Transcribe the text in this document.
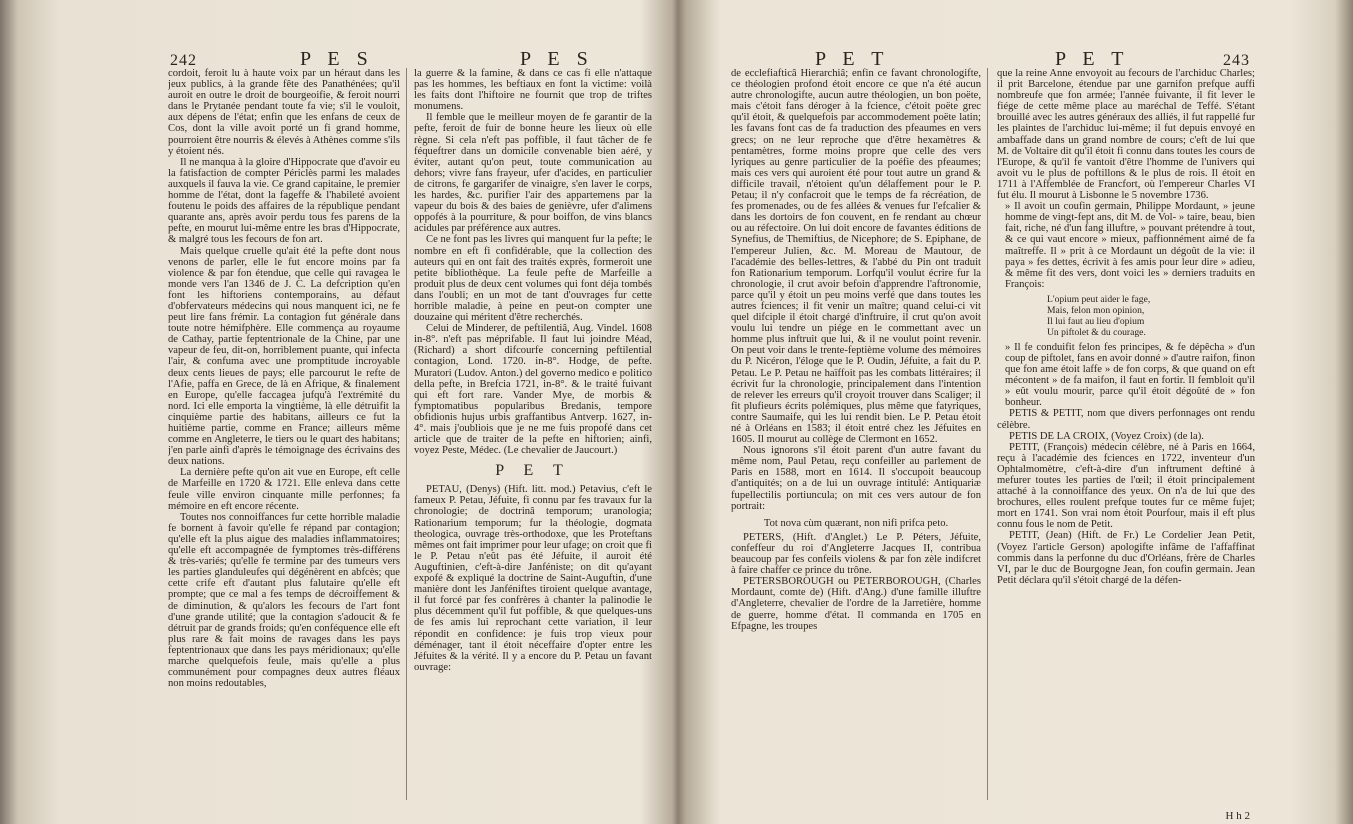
242	P E S	P E S

cordoit, feroit lu à haute voix par un héraut dans les jeux publics, à la grande fête des Panathénées; qu'il auroit en outre le droit de bourgeoifie, & feroit nourri dans le Prytanée pendant toute fa vie; s'il le vouloit, aux dépens de l'état; enfin que les enfans de ceux de Cos, dont la ville avoit porté un fi grand homme, pourroient être nourris & élevés à Athènes comme s'ils y étoient nés.

Il ne manqua à la gloire d'Hippocrate que d'avoir eu la fatisfaction de compter Périclès parmi les malades auxquels il fauva la vie. Ce grand capitaine, le premier homme de l'état, dont la fageffe & l'habileté avoient foutenu le poids des affaires de la république pendant quarante ans, après avoir perdu tous fes parens de la pefte, en mourut lui-même entre les bras d'Hippocrate, & malgré tous les fecours de fon art.

Mais quelque cruelle qu'ait été la pefte dont nous venons de parler, elle le fut encore moins par fa violence & par fon étendue, que celle qui ravagea le monde vers l'an 1346 de J. C. La defcription qu'en font les hiftoriens contemporains, au défaut d'obfervateurs médecins qui nous manquent ici, ne fe peut lire fans frémir. La contagion fut générale dans toute notre hémifphère. Elle commença au royaume de Cathay, partie feptentrionale de la Chine, par une vapeur de feu, dit-on, horriblement puante, qui infecta l'air, & confuma avec une promptitude incroyable deux cents lieues de pays; elle parcourut le refte de l'Afie, paffa en Grece, de là en Afrique, & finalement en Europe, qu'elle faccagea jufqu'à l'extrémité du nord. Ici elle emporta la vingtième, là elle détruifit la cinquième partie des habitans, ailleurs ce fut la huitième partie, comme en France; ailleurs même comme en Angleterre, le tiers ou le quart des habitans; j'en parle ainfi d'après le témoignage des écrivains des deux nations.

La dernière pefte qu'on ait vue en Europe, eft celle de Marfeille en 1720 & 1721. Elle enleva dans cette feule ville environ cinquante mille perfonnes; fa mémoire en eft encore récente.

Toutes nos connoiffances fur cette horrible maladie fe bornent à favoir qu'elle fe répand par contagion; qu'elle eft la plus aigue des maladies inflammatoires; qu'elle eft accompagnée de fymptomes très-différens & très-variés; qu'elle fe termine par des tumeurs vers les parties glanduleufes qui dégénèrent en abfcès; que cette crife eft d'autant plus falutaire qu'elle eft prompte; que ce mal a fes temps de décroiffement & de diminution, & qu'alors les fecours de l'art font d'une grande utilité; que la contagion s'adoucit & fe détruit par de grands froids; qu'en conféquence elle eft plus rare & fait moins de ravages dans les pays feptentrionaux que dans les pays méridionaux; qu'elle marche quelquefois feule, mais qu'elle a plus communément pour compagnes deux autres fléaux non moins redoutables,

la guerre & la famine, & dans ce cas fi elle n'attaque pas les hommes, les beftiaux en font la victime: voilà les faits dont l'hiftoire ne fournit que trop de triftes monumens.

Il femble que le meilleur moyen de fe garantir de la pefte, feroit de fuir de bonne heure les lieux où elle règne. Si cela n'eft pas poffible, il faut tâcher de fe féqueftrer dans un domicile convenable bien aéré, y éviter, autant qu'on peut, toute communication au dehors; vivre fans frayeur, ufer d'acides, en particulier de citrons, fe gargarifer de vinaigre, s'en laver le corps, les hardes, &c. purifier l'air des appartemens par la vapeur du bois & des baies de genièvre, ufer d'alimens oppofés à la pourriture, & pour boiffon, de vins blancs acidules par préférence aux autres.

Ce ne font pas les livres qui manquent fur la pefte; le nombre en eft fi confidérable, que la collection des auteurs qui en ont fait des traités exprès, formeroit une petite bibliothèque. La feule pefte de Marfeille a produit plus de deux cent volumes qui font déja tombés dans l'oubli; en un mot de tant d'ouvrages fur cette horrible maladie, à peine en peut-on compter une douzaine qui méritent d'être recherchés.

Celui de Minderer, de peftilentiâ, Aug. Vindel. 1608 in-8°. n'eft pas méprifable. Il faut lui joindre Méad, (Richard) a short difcourfe concerning peftilential contagion, Lond. 1720. in-8°. Hodge, de pefte. Muratori (Ludov. Anton.) del governo medico e politico della pefte, in Brefcia 1721, in-8°. & le traité fuivant qui eft fort rare. Vander Mye, de morbis & fymptomatibus popularibus Bredanis, tempore obfidionis hujus urbis graffantibus Antverp. 1627, in-4°. mais j'oubliois que je ne me fuis propofé dans cet article que de traiter de la pefte en hiftorien; ainfi, voyez Peste, Médec. (Le chevalier de Jaucourt.)

P E T

PETAU, (Denys) (Hift. litt. mod.) Petavius, c'eft le fameux P. Petau, Jéfuite, fi connu par fes travaux fur la chronologie; de doctrinâ temporum; uranologia; Rationarium temporum; fur la théologie, dogmata theologica, ouvrage très-orthodoxe, que les Proteftans mêmes ont fait imprimer pour leur ufage; on croit que fi le P. Petau n'eût pas été Jéfuite, il auroit été Auguftinien, c'eft-à-dire Janféniste; on dit qu'ayant expofé & expliqué la doctrine de Saint-Auguftin, d'une manière dont les Janféniftes tiroient quelque avantage, il fut forcé par fes confrères à chanter la palinodie le plus décemment qu'il fut poffible, & que quelques-uns de fes amis lui reprochant cette variation, il leur répondit en confidence: je fuis trop vieux pour déménager, tant il étoit néceffaire d'opter entre les Jéfuites & la vérité. Il y a encore du P. Petau un favant ouvrage:

P E T	P E T	243

de ecclefiafticâ Hierarchiâ; enfin ce favant chronologifte, ce théologien profond étoit encore ce que n'a été aucun autre chronologifte, aucun autre théologien, un bon poëte, mais c'étoit fans déroger à la fcience, c'étoit poëte grec qu'il étoit, & quelquefois par accommodement poëte latin; les favans font cas de fa traduction des pfeaumes en vers grecs; on ne leur reproche que d'être hexamètres & pentamètres, forme moins propre que celle des vers lyriques au genre particulier de la poéfie des pfeaumes; mais ces vers qui auroient été pour tout autre un grand & difficile travail, n'étoient qu'un délaffement pour le P. Petau; il n'y confacroit que le temps de fa récréation, de fes promenades, ou de fes allées & venues fur l'efcalier & dans les dortoirs de fon couvent, en fe rendant au chœur ou au réfectoire. On lui doit encore de favantes éditions de Synefius, de Themiftius, de Nicephore; de S. Epiphane, de l'empereur Julien, &c. M. Moreau de Mautour, de l'académie des belles-lettres, & l'abbé du Pin ont traduit fon Rationarium temporum. Lorfqu'il voulut écrire fur la chronologie, il crut avoir befoin d'apprendre l'aftronomie, parce qu'il y étoit un peu moins verfé que dans toutes les autres fciences; il fit venir un maître; quand celui-ci vit quel difciple il étoit chargé d'inftruire, il crut qu'on avoit voulu lui tendre un piége en le commettant avec un homme plus inftruit que lui, & il ne voulut point revenir. On peut voir dans le trente-feptième volume des mémoires du P. Nicéron, l'éloge que le P. Oudin, Jéfuite, a fait du P. Petau. Le P. Petau ne haïffoit pas les combats littéraires; il écrivit fur la chronologie, principalement dans l'intention de relever les erreurs qu'il croyoit trouver dans Scaliger; il fit plufieurs écrits polémiques, plus même que fatyriques, contre Saumaife, qui les lui rendit bien. Le P. Petau étoit né à Orléans en 1583; il étoit entré chez les Jéfuites en 1605. Il mourut au collège de Clermont en 1652.

Nous ignorons s'il étoit parent d'un autre favant du même nom, Paul Petau, reçu confeiller au parlement de Paris en 1588, mort en 1614. Il s'occupoit beaucoup d'antiquités; on a de lui un ouvrage intitulé: Antiquariæ fupellectilis portiuncula; on mit ces vers autour de fon portrait:

Tot nova cùm quærant, non nifi prifca peto.

PETERS, (Hift. d'Anglet.) Le P. Péters, Jéfuite, confeffeur du roi d'Angleterre Jacques II, contribua beaucoup par fes confeils violens & par fon zèle indifcret à faire chaffer ce prince du trône.

PETERSBOROUGH ou PETERBOROUGH, (Charles Mordaunt, comte de) (Hift. d'Ang.) d'une famille illuftre d'Angleterre, chevalier de l'ordre de la Jarretière, homme de guerre, homme d'état. Il commanda en 1705 en Efpagne, les troupes

que la reine Anne envoyoit au fecours de l'archiduc Charles; il prit Barcelone, étendue par une garnifon prefque auffi nombreufe que fon armée; l'année fuivante, il fit lever le fiége de cette même place au maréchal de Teffé. S'étant brouillé avec les autres généraux des alliés, il fut rappellé fur les plaintes de l'archiduc lui-même; il fut depuis envoyé en ambaffade dans un grand nombre de cours; c'eft de lui que M. de Voltaire dit qu'il étoit fi connu dans toutes les cours de l'Europe, & qu'il fe vantoit d'être l'homme de l'univers qui avoit vu le plus de poftillons & le plus de rois. Il étoit en 1711 à l'Affemblée de Francfort, où l'empereur Charles VI fut élu. Il mourut à Lisbonne le 5 novembre 1736.

» Il avoit un coufin germain, Philippe Mordaunt, » jeune homme de vingt-fept ans, dit M. de Vol- » taire, beau, bien fait, riche, né d'un fang illuftre, » pouvant prétendre à tout, & ce qui vaut encore » mieux, paffionnément aimé de fa maîtreffe. Il » prit à ce Mordaunt un dégoût de la vie: il paya » fes dettes, écrivit à fes amis pour leur dire » adieu, & même fit des vers, dont voici les » derniers traduits en François:

L'opium peut aider le fage,

Mais, felon mon opinion,

Il lui faut au lieu d'opium

Un piftolet & du courage.

» Il fe conduifit felon fes principes, & fe dépêcha » d'un coup de piftolet, fans en avoir donné » d'autre raifon, finon que fon ame étoit laffe » de fon corps, & que quand on eft mécontent » de fa maifon, il faut en fortir. Il fembloit qu'il » eût voulu mourir, parce qu'il étoit dégoûté de » fon bonheur.

PETIS & PETIT, nom que divers perfonnages ont rendu célèbre.

PETIS DE LA CROIX, (Voyez Croix) (de la).

PETIT, (François) médecin célèbre, né à Paris en 1664, reçu à l'académie des fciences en 1722, inventeur d'un Ophtalmomètre, c'eft-à-dire d'un inftrument deftiné à mefurer toutes les parties de l'œil; il étoit principalement attaché à la connoiffance des yeux. On n'a de lui que des brochures, elles roulent prefque toutes fur ce même fujet; mort en 1741. Son vrai nom étoit Pourfour, mais il eft plus connu fous le nom de Petit.

PETIT, (Jean) (Hift. de Fr.) Le Cordelier Jean Petit, (Voyez l'article Gerson) apologifte infâme de l'affaffinat commis dans la perfonne du duc d'Orléans, frère de Charles VI, par le duc de Bourgogne Jean, fon coufin germain. Jean Petit déclara qu'il s'étoit chargé de la défen-

H h 2
